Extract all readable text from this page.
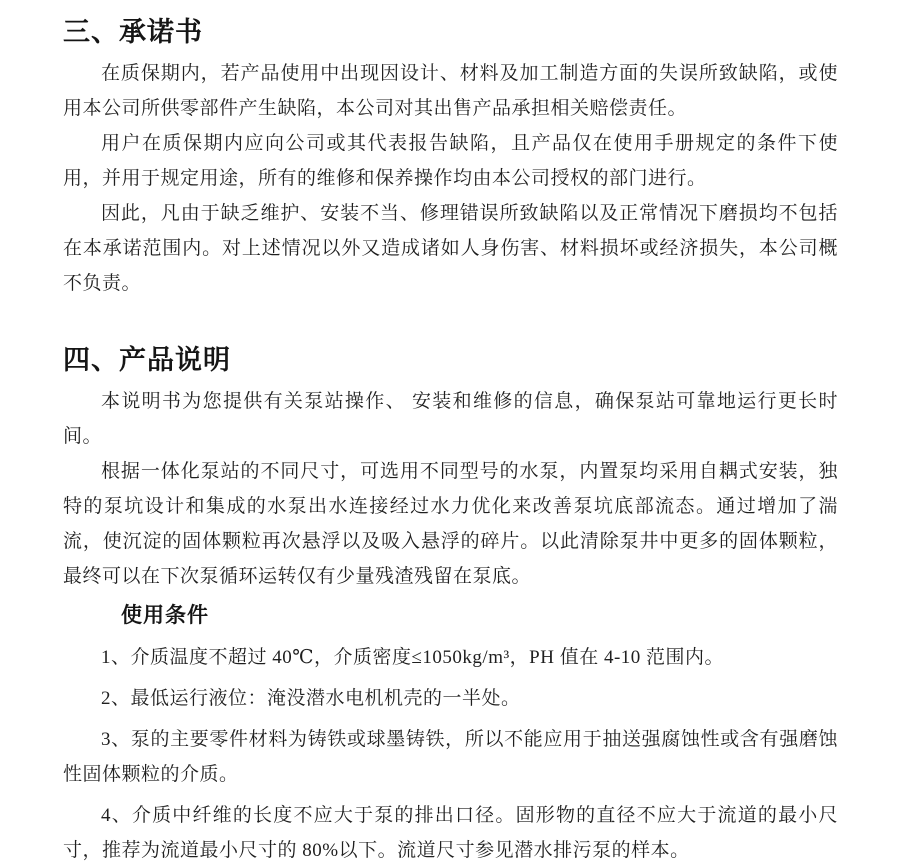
三、承诺书

在质保期内，若产品使用中出现因设计、材料及加工制造方面的失误所致缺陷，或使用本公司所供零部件产生缺陷，本公司对其出售产品承担相关赔偿责任。

用户在质保期内应向公司或其代表报告缺陷，且产品仅在使用手册规定的条件下使用，并用于规定用途，所有的维修和保养操作均由本公司授权的部门进行。

因此，凡由于缺乏维护、安装不当、修理错误所致缺陷以及正常情况下磨损均不包括在本承诺范围内。对上述情况以外又造成诸如人身伤害、材料损坏或经济损失，本公司概不负责。

四、产品说明

本说明书为您提供有关泵站操作、 安装和维修的信息，确保泵站可靠地运行更长时间。

根据一体化泵站的不同尺寸，可选用不同型号的水泵，内置泵均采用自耦式安装，独特的泵坑设计和集成的水泵出水连接经过水力优化来改善泵坑底部流态。通过增加了湍流，使沉淀的固体颗粒再次悬浮以及吸入悬浮的碎片。以此清除泵井中更多的固体颗粒，最终可以在下次泵循环运转仅有少量残渣残留在泵底。

使用条件

1、介质温度不超过 40℃，介质密度≤1050kg/m³，PH 值在 4-10 范围内。

2、最低运行液位：淹没潜水电机机壳的一半处。

3、泵的主要零件材料为铸铁或球墨铸铁，所以不能应用于抽送强腐蚀性或含有强磨蚀性固体颗粒的介质。

4、介质中纤维的长度不应大于泵的排出口径。固形物的直径不应大于流道的最小尺寸，推荐为流道最小尺寸的 80%以下。流道尺寸参见潜水排污泵的样本。
